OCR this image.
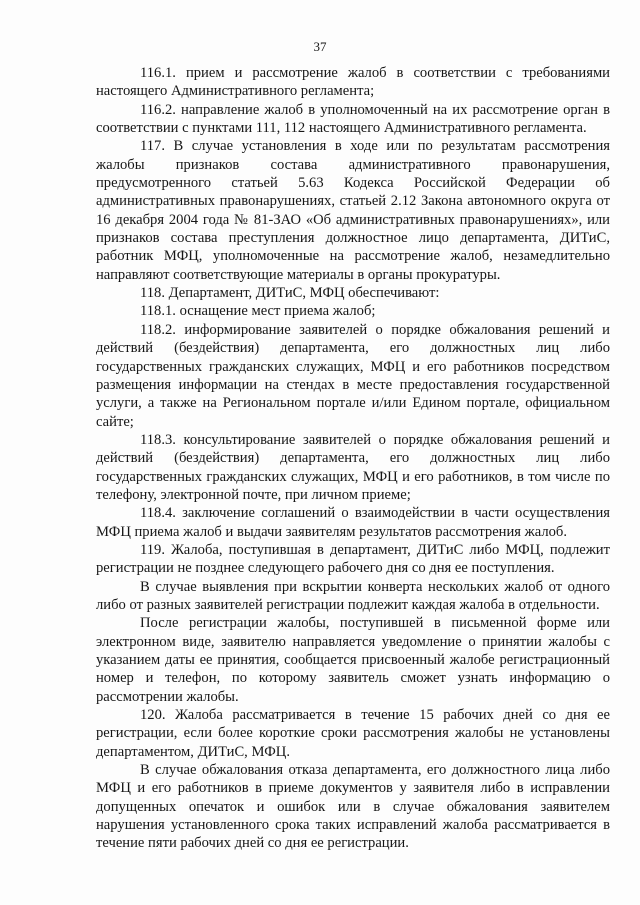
37

116.1. прием и рассмотрение жалоб в соответствии с требованиями настоящего Административного регламента;

116.2. направление жалоб в уполномоченный на их рассмотрение орган в соответствии с пунктами 111, 112 настоящего Административного регламента.

117. В случае установления в ходе или по результатам рассмотрения жалобы признаков состава административного правонарушения, предусмотренного статьей 5.63 Кодекса Российской Федерации об административных правонарушениях, статьей 2.12 Закона автономного округа от 16 декабря 2004 года № 81-ЗАО «Об административных правонарушениях», или признаков состава преступления должностное лицо департамента, ДИТиС, работник МФЦ, уполномоченные на рассмотрение жалоб, незамедлительно направляют соответствующие материалы в органы прокуратуры.

118. Департамент, ДИТиС, МФЦ обеспечивают:

118.1. оснащение мест приема жалоб;

118.2. информирование заявителей о порядке обжалования решений и действий (бездействия) департамента, его должностных лиц либо государственных гражданских служащих, МФЦ и его работников посредством размещения информации на стендах в месте предоставления государственной услуги, а также на Региональном портале и/или Едином портале, официальном сайте;

118.3. консультирование заявителей о порядке обжалования решений и действий (бездействия) департамента, его должностных лиц либо государственных гражданских служащих, МФЦ и его работников, в том числе по телефону, электронной почте, при личном приеме;

118.4. заключение соглашений о взаимодействии в части осуществления МФЦ приема жалоб и выдачи заявителям результатов рассмотрения жалоб.

119. Жалоба, поступившая в департамент, ДИТиС либо МФЦ, подлежит регистрации не позднее следующего рабочего дня со дня ее поступления.

В случае выявления при вскрытии конверта нескольких жалоб от одного либо от разных заявителей регистрации подлежит каждая жалоба в отдельности.

После регистрации жалобы, поступившей в письменной форме или электронном виде, заявителю направляется уведомление о принятии жалобы с указанием даты ее принятия, сообщается присвоенный жалобе регистрационный номер и телефон, по которому заявитель сможет узнать информацию о рассмотрении жалобы.

120. Жалоба рассматривается в течение 15 рабочих дней со дня ее регистрации, если более короткие сроки рассмотрения жалобы не установлены департаментом, ДИТиС, МФЦ.

В случае обжалования отказа департамента, его должностного лица либо МФЦ и его работников в приеме документов у заявителя либо в исправлении допущенных опечаток и ошибок или в случае обжалования заявителем нарушения установленного срока таких исправлений жалоба рассматривается в течение пяти рабочих дней со дня ее регистрации.
